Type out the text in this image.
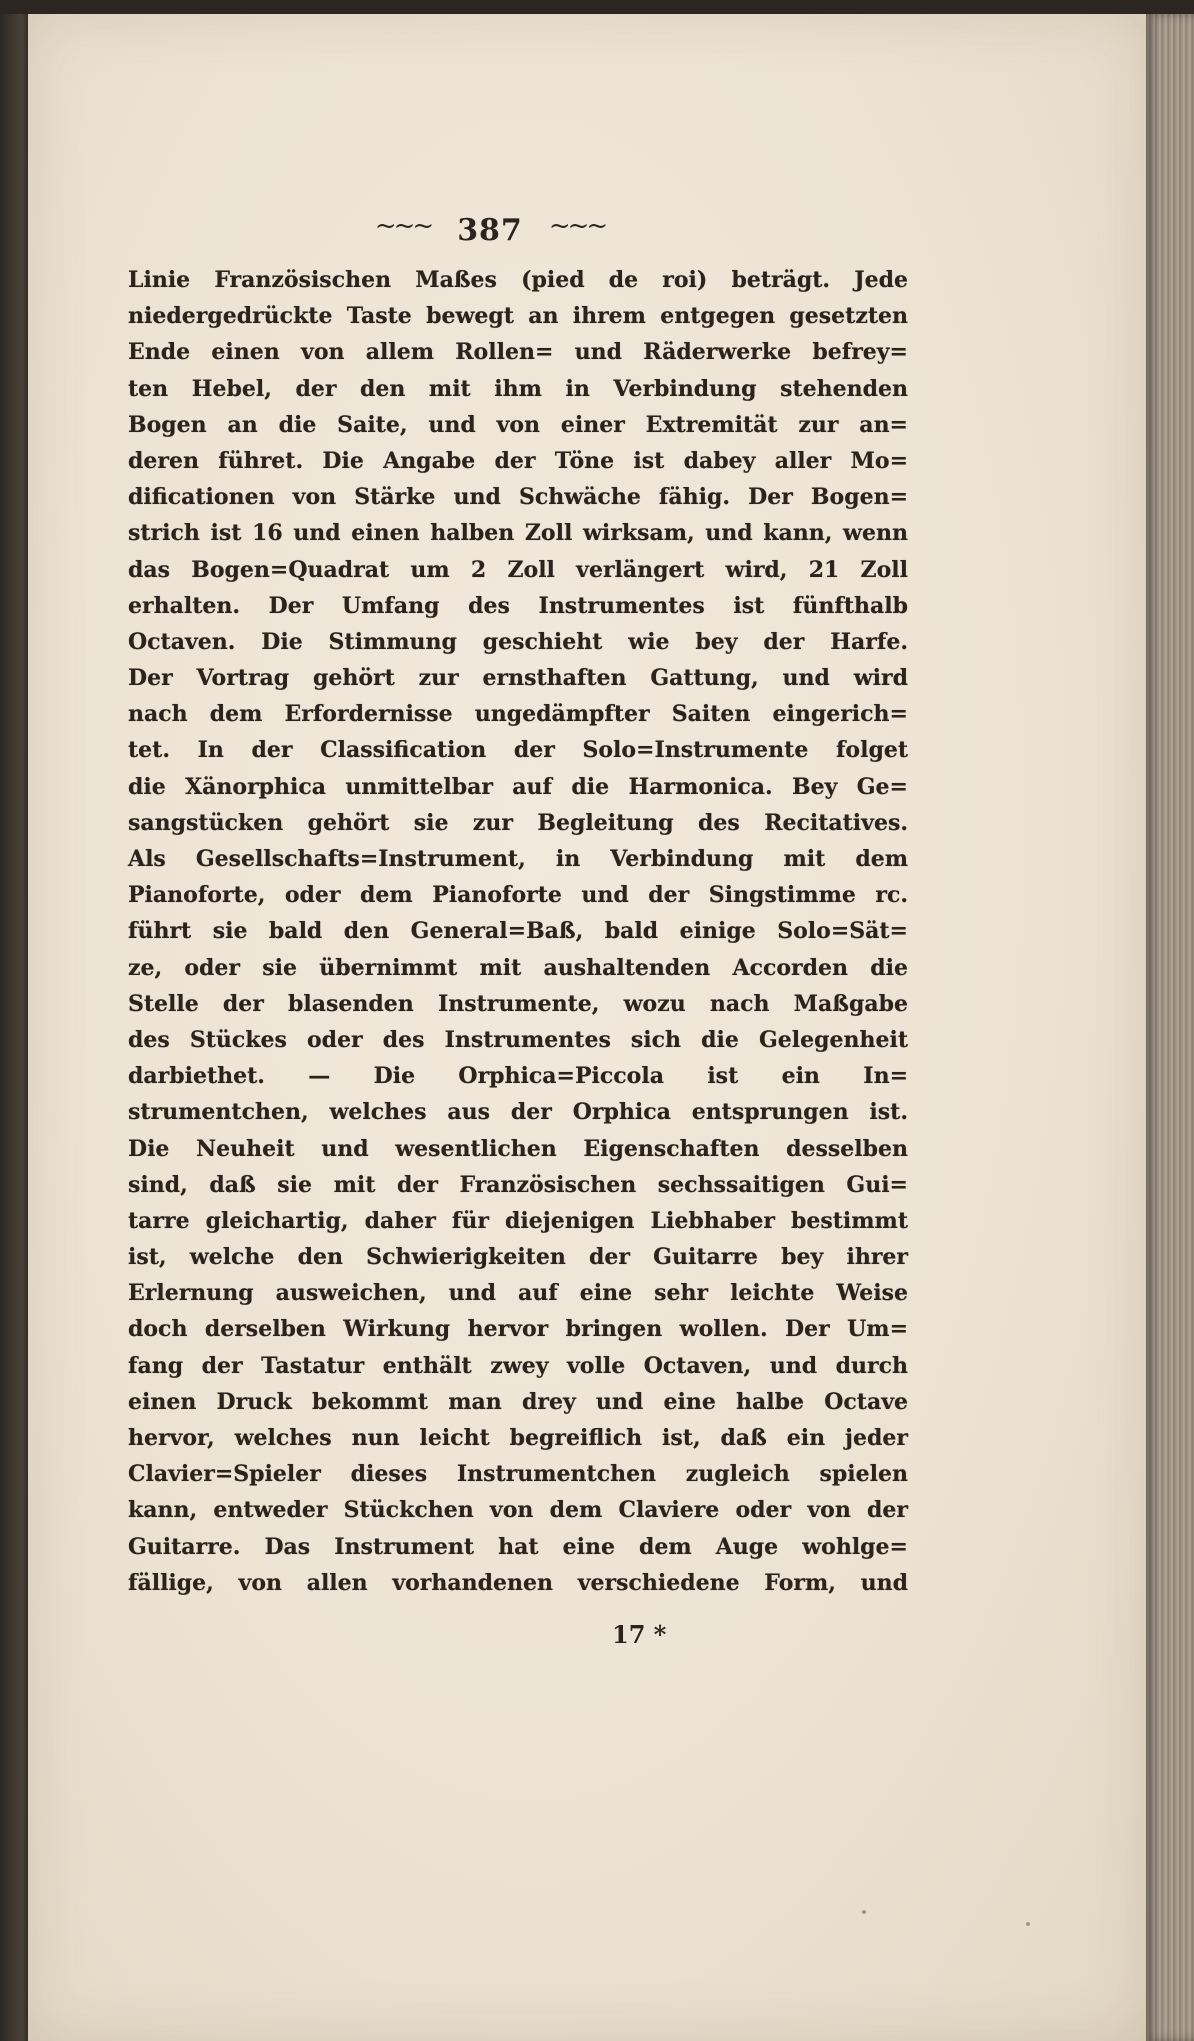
~~~ 387 ~~~
Linie Französischen Maßes (pied de roi) beträgt. Jede
niedergedrückte Taste bewegt an ihrem entgegen gesetzten
Ende einen von allem Rollen= und Räderwerke befrey=
ten Hebel, der den mit ihm in Verbindung stehenden
Bogen an die Saite, und von einer Extremität zur an=
deren führet. Die Angabe der Töne ist dabey aller Mo=
dificationen von Stärke und Schwäche fähig. Der Bogen=
strich ist 16 und einen halben Zoll wirksam, und kann, wenn
das Bogen=Quadrat um 2 Zoll verlängert wird, 21 Zoll
erhalten. Der Umfang des Instrumentes ist fünfthalb
Octaven. Die Stimmung geschieht wie bey der Harfe.
Der Vortrag gehört zur ernsthaften Gattung, und wird
nach dem Erfordernisse ungedämpfter Saiten eingerich=
tet. In der Classification der Solo=Instrumente folget
die Xänorphica unmittelbar auf die Harmonica. Bey Ge=
sangstücken gehört sie zur Begleitung des Recitatives.
Als Gesellschafts=Instrument, in Verbindung mit dem
Pianoforte, oder dem Pianoforte und der Singstimme rc.
führt sie bald den General=Baß, bald einige Solo=Sät=
ze, oder sie übernimmt mit aushaltenden Accorden die
Stelle der blasenden Instrumente, wozu nach Maßgabe
des Stückes oder des Instrumentes sich die Gelegenheit
darbiethet. — Die Orphica=Piccola ist ein In=
strumentchen, welches aus der Orphica entsprungen ist.
Die Neuheit und wesentlichen Eigenschaften desselben
sind, daß sie mit der Französischen sechssaitigen Gui=
tarre gleichartig, daher für diejenigen Liebhaber bestimmt
ist, welche den Schwierigkeiten der Guitarre bey ihrer
Erlernung ausweichen, und auf eine sehr leichte Weise
doch derselben Wirkung hervor bringen wollen. Der Um=
fang der Tastatur enthält zwey volle Octaven, und durch
einen Druck bekommt man drey und eine halbe Octave
hervor, welches nun leicht begreiflich ist, daß ein jeder
Clavier=Spieler dieses Instrumentchen zugleich spielen
kann, entweder Stückchen von dem Claviere oder von der
Guitarre. Das Instrument hat eine dem Auge wohlge=
fällige, von allen vorhandenen verschiedene Form, und
17 *
